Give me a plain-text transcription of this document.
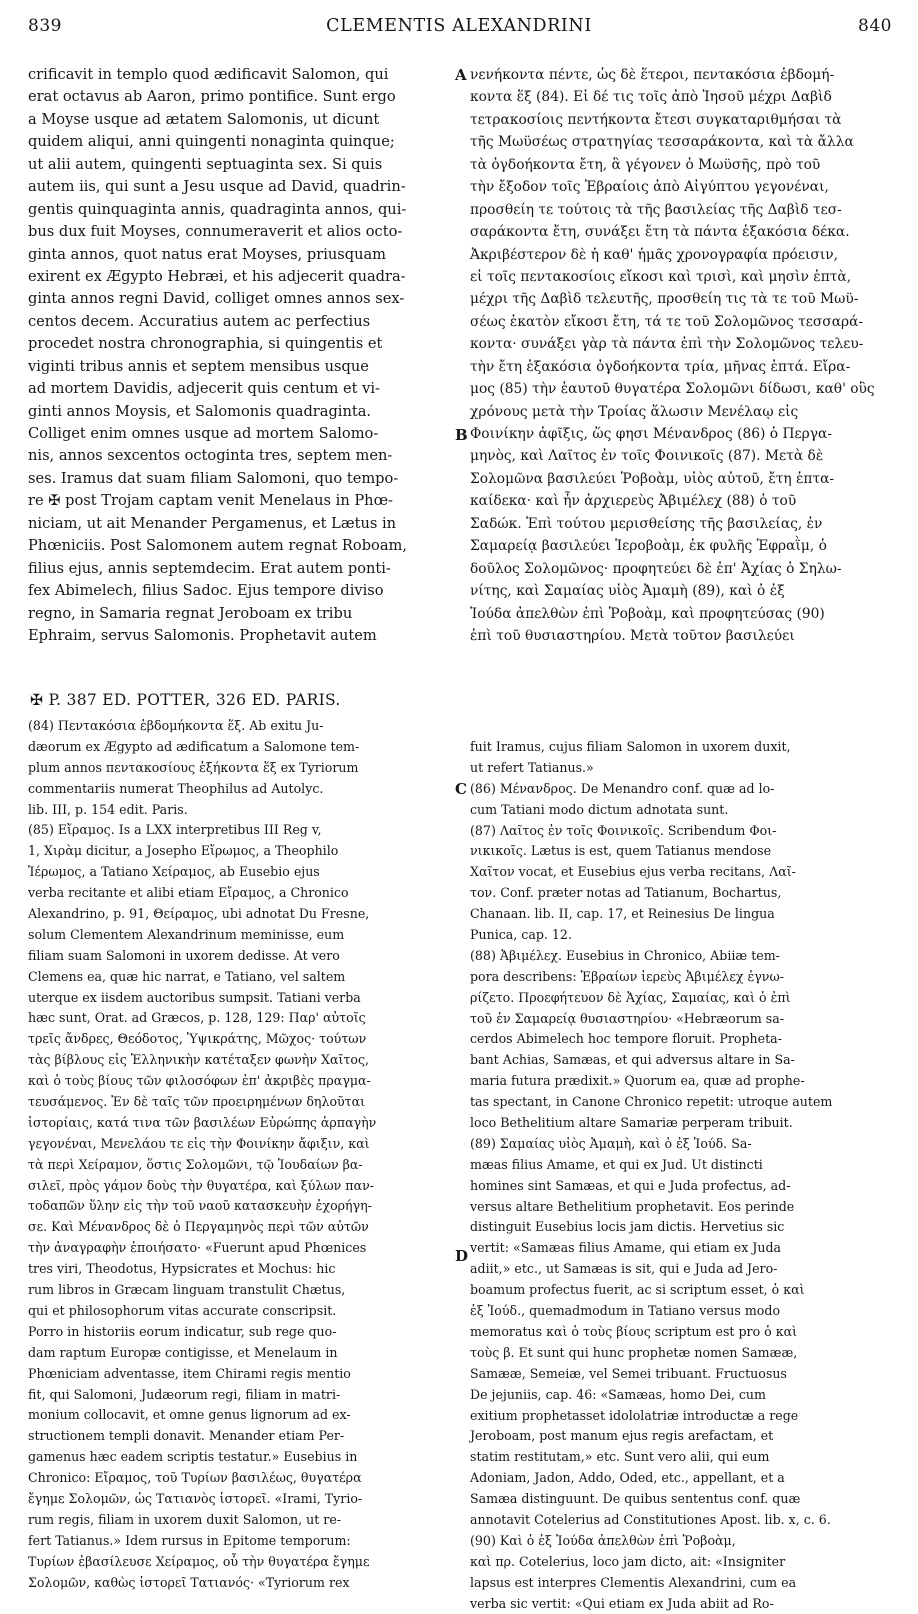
839	CLEMENTIS ALEXANDRINI	840
crificavit in templo quod ædificavit Salomon, qui
erat octavus ab Aaron, primo pontifice. Sunt ergo
a Moyse usque ad ætatem Salomonis, ut dicunt
quidem aliqui, anni quingenti nonaginta quinque;
ut alii autem, quingenti septuaginta sex. Si quis
autem iis, qui sunt a Jesu usque ad David, quadrin-
gentis quinquaginta annis, quadraginta annos, qui-
bus dux fuit Moyses, connumeraverit et alios octo-
ginta annos, quot natus erat Moyses, priusquam
exirent ex Ægypto Hebræi, et his adjecerit quadra-
ginta annos regni David, colliget omnes annos sex-
centos decem. Accuratius autem ac perfectius
procedet nostra chronographia, si quingentis et
viginti tribus annis et septem mensibus usque
ad mortem Davidis, adjecerit quis centum et vi-
ginti annos Moysis, et Salomonis quadraginta.
Colliget enim omnes usque ad mortem Salomo-
nis, annos sexcentos octoginta tres, septem men-
ses. Iramus dat suam filiam Salomoni, quo tempo-
re ✠ post Trojam captam venit Menelaus in Phœ-
niciam, ut ait Menander Pergamenus, et Lætus in
Phœniciis. Post Salomonem autem regnat Roboam,
filius ejus, annis septemdecim. Erat autem ponti-
fex Abimelech, filius Sadoc. Ejus tempore diviso
regno, in Samaria regnat Jeroboam ex tribu
Ephraim, servus Salomonis. Prophetavit autem
νενήκοντα πέντε, ὡς δὲ ἕτεροι, πεντακόσια ἑβδομή-
κοντα ἕξ (84). Εἰ δέ τις τοῖς ἀπὸ Ἰησοῦ μέχρι Δαβὶδ
τετρακοσίοις πεντήκοντα ἔτεσι συγκαταριθμήσαι τὰ
τῆς Μωϋσέως στρατηγίας τεσσαράκοντα, καὶ τὰ ἄλλα
τὰ ὀγδοήκοντα ἔτη, ἃ γέγονεν ὁ Μωϋσῆς, πρὸ τοῦ
τὴν ἔξοδον τοῖς Ἑβραίοις ἀπὸ Αἰγύπτου γεγονέναι,
προσθείη τε τούτοις τὰ τῆς βασιλείας τῆς Δαβὶδ τεσ-
σαράκοντα ἔτη, συνάξει ἔτη τὰ πάντα ἑξακόσια δέκα.
Ἀκριβέστερον δὲ ἡ καθ' ἡμᾶς χρονογραφία πρόεισιν,
εἰ τοῖς πεντακοσίοις εἴκοσι καὶ τρισὶ, καὶ μησὶν ἑπτὰ,
μέχρι τῆς Δαβὶδ τελευτῆς, προσθείη τις τὰ τε τοῦ Μωϋ-
σέως ἑκατὸν εἴκοσι ἔτη, τά τε τοῦ Σολομῶνος τεσσαρά-
κοντα· συνάξει γὰρ τὰ πάντα ἐπὶ τὴν Σολομῶνος τελευ-
τὴν ἔτη ἑξακόσια ὀγδοήκοντα τρία, μῆνας ἑπτά. Εἴρα-
μος (85) τὴν ἑαυτοῦ θυγατέρα Σολομῶνι δίδωσι, καθ' οὓς
χρόνους μετὰ τὴν Τροίας ἅλωσιν Μενέλαῳ εἰς
Φοινίκην ἀφῖξις, ὥς φησι Μένανδρος (86) ὁ Περγα-
μηνὸς, καὶ Λαῖτος ἐν τοῖς Φοινικοῖς (87). Μετὰ δὲ
Σολομῶνα βασιλεύει Ῥοβοὰμ, υἱὸς αὐτοῦ, ἔτη ἑπτα-
καίδεκα· καὶ ἦν ἀρχιερεὺς Ἀβιμέλεχ (88) ὁ τοῦ
Σαδώκ. Ἐπὶ τούτου μερισθείσης τῆς βασιλείας, ἐν
Σαμαρείᾳ βασιλεύει Ἱεροβοὰμ, ἐκ φυλῆς Ἐφραῒμ, ὁ
δοῦλος Σολομῶνος· προφητεύει δὲ ἐπ' Ἀχίας ὁ Σηλω-
νίτης, καὶ Σαμαίας υἱὸς Ἀμαμὴ (89), καὶ ὁ ἐξ
Ἰούδα ἀπελθὼν ἐπὶ Ῥοβοὰμ, καὶ προφητεύσας (90)
ἐπὶ τοῦ θυσιαστηρίου. Μετὰ τοῦτον βασιλεύει
✠ P. 387 ED. POTTER, 326 ED. PARIS.
(84) Πεντακόσια ἑβδομήκοντα ἕξ. Ab exitu Ju-
dæorum ex Ægypto ad ædificatum a Salomone tem-
plum annos πεντακοσίους ἑξήκοντα ἕξ ex Tyriorum
commentariis numerat Theophilus ad Autolyc.
lib. III, p. 154 edit. Paris.
(85) Εἴραμος. Is a LXX interpretibus III Reg v,
1, Χιρὰμ dicitur, a Josepho Εἴρωμος, a Theophilo
Ἱέρωμος, a Tatiano Χείραμος, ab Eusebio ejus
verba recitante et alibi etiam Εἴραμος, a Chronico
Alexandrino, p. 91, Θείραμος, ubi adnotat Du Fresne,
solum Clementem Alexandrinum meminisse, eum
filiam suam Salomoni in uxorem dedisse. At vero
Clemens ea, quæ hic narrat, e Tatiano, vel saltem
uterque ex iisdem auctoribus sumpsit. Tatiani verba
hæc sunt, Orat. ad Græcos, p. 128, 129: Παρ' αὐτοῖς
τρεῖς ἄνδρες, Θεόδοτος, Ὑψικράτης, Μῶχος· τούτων
τὰς βίβλους εἰς Ἑλληνικὴν κατέταξεν φωνὴν Χαῖτος,
καὶ ὁ τοὺς βίους τῶν φιλοσόφων ἐπ' ἀκριβὲς πραγμα-
τευσάμενος. Ἐν δὲ ταῖς τῶν προειρημένων δηλοῦται
ἱστορίαις, κατά τινα τῶν βασιλέων Εὐρώπης ἁρπαγὴν
γεγονέναι, Μενελάου τε εἰς τὴν Φοινίκην ἄφιξιν, καὶ
τὰ περὶ Χείραμον, ὅστις Σολομῶνι, τῷ Ἰουδαίων βα-
σιλεῖ, πρὸς γάμον δοὺς τὴν θυγατέρα, καὶ ξύλων παν-
τοδαπῶν ὕλην εἰς τὴν τοῦ ναοῦ κατασκευὴν ἐχορήγη-
σε. Καὶ Μένανδρος δὲ ὁ Περγαμηνὸς περὶ τῶν αὐτῶν
τὴν ἀναγραφὴν ἐποιήσατο· «Fuerunt apud Phœnices
tres viri, Theodotus, Hypsicrates et Mochus: hic
rum libros in Græcam linguam transtulit Chætus,
qui et philosophorum vitas accurate conscripsit.
Porro in historiis eorum indicatur, sub rege quo-
dam raptum Europæ contigisse, et Menelaum in
Phœniciam adventasse, item Chirami regis mentio
fit, qui Salomoni, Judæorum regi, filiam in matri-
monium collocavit, et omne genus lignorum ad ex-
structionem templi donavit. Menander etiam Per-
gamenus hæc eadem scriptis testatur.» Eusebius in
Chronico: Εἴραμος, τοῦ Τυρίων βασιλέως, θυγατέρα
ἔγημε Σολομῶν, ὡς Τατιανὸς ἱστορεῖ. «Irami, Tyrio-
rum regis, filiam in uxorem duxit Salomon, ut re-
fert Tatianus.» Idem rursus in Epitome temporum:
Τυρίων ἐβασίλευσε Χείραμος, οὗ τὴν θυγατέρα ἔγημε
Σολομῶν, καθὼς ἱστορεῖ Τατιανός· «Tyriorum rex
fuit Iramus, cujus filiam Salomon in uxorem duxit,
ut refert Tatianus.»
(86) Μένανδρος. De Menandro conf. quæ ad lo-
cum Tatiani modo dictum adnotata sunt.
(87) Λαῖτος ἐν τοῖς Φοινικοῖς. Scribendum Φοι-
νικικοῖς. Lætus is est, quem Tatianus mendose
Χαῖτον vocat, et Eusebius ejus verba recitans, Λαῖ-
τον. Conf. præter notas ad Tatianum, Bochartus,
Chanaan. lib. II, cap. 17, et Reinesius De lingua
Punica, cap. 12.
(88) Ἀβιμέλεχ. Eusebius in Chronico, Abiiæ tem-
pora describens: Ἑβραίων ἱερεὺς Ἀβιμέλεχ ἐγνω-
ρίζετο. Προεφήτευον δὲ Ἀχίας, Σαμαίας, καὶ ὁ ἐπὶ
τοῦ ἐν Σαμαρείᾳ θυσιαστηρίου· «Hebræorum sa-
cerdos Abimelech hoc tempore floruit. Propheta-
bant Achias, Samæas, et qui adversus altare in Sa-
maria futura prædixit.» Quorum ea, quæ ad prophe-
tas spectant, in Canone Chronico repetit: utroque autem
loco Bethelitium altare Samariæ perperam tribuit.
(89) Σαμαίας υἱὸς Ἀμαμὴ, καὶ ὁ ἐξ Ἰούδ. Sa-
mæas filius Amame, et qui ex Jud. Ut distincti
homines sint Samæas, et qui e Juda profectus, ad-
versus altare Bethelitium prophetavit. Eos perinde
distinguit Eusebius locis jam dictis. Hervetius sic
vertit: «Samæas filius Amame, qui etiam ex Juda
adiit,» etc., ut Samæas is sit, qui e Juda ad Jero-
boamum profectus fuerit, ac si scriptum esset, ὁ καὶ
ἐξ Ἰούδ., quemadmodum in Tatiano versus modo
memoratus καὶ ὁ τοὺς βίους scriptum est pro ὁ καὶ
τοὺς β. Et sunt qui hunc prophetæ nomen Samææ,
Samææ, Semeiæ, vel Semei tribuant. Fructuosus
De jejuniis, cap. 46: «Samæas, homo Dei, cum
exitium prophetasset idololatriæ introductæ a rege
Jeroboam, post manum ejus regis arefactam, et
statim restitutam,» etc. Sunt vero alii, qui eum
Adoniam, Jadon, Addo, Oded, etc., appellant, et a
Samæa distinguunt. De quibus sententus conf. quæ
annotavit Cotelerius ad Constitutiones Apost. lib. x, c. 6.
(90) Καὶ ὁ ἐξ Ἰούδα ἀπελθὼν ἐπὶ Ῥοβοὰμ,
καὶ πρ. Cotelerius, loco jam dicto, ait: «Insigniter
lapsus est interpres Clementis Alexandrini, cum ea
verba sic vertit: «Qui etiam ex Juda abiit ad Ro-
A
B
C
D
